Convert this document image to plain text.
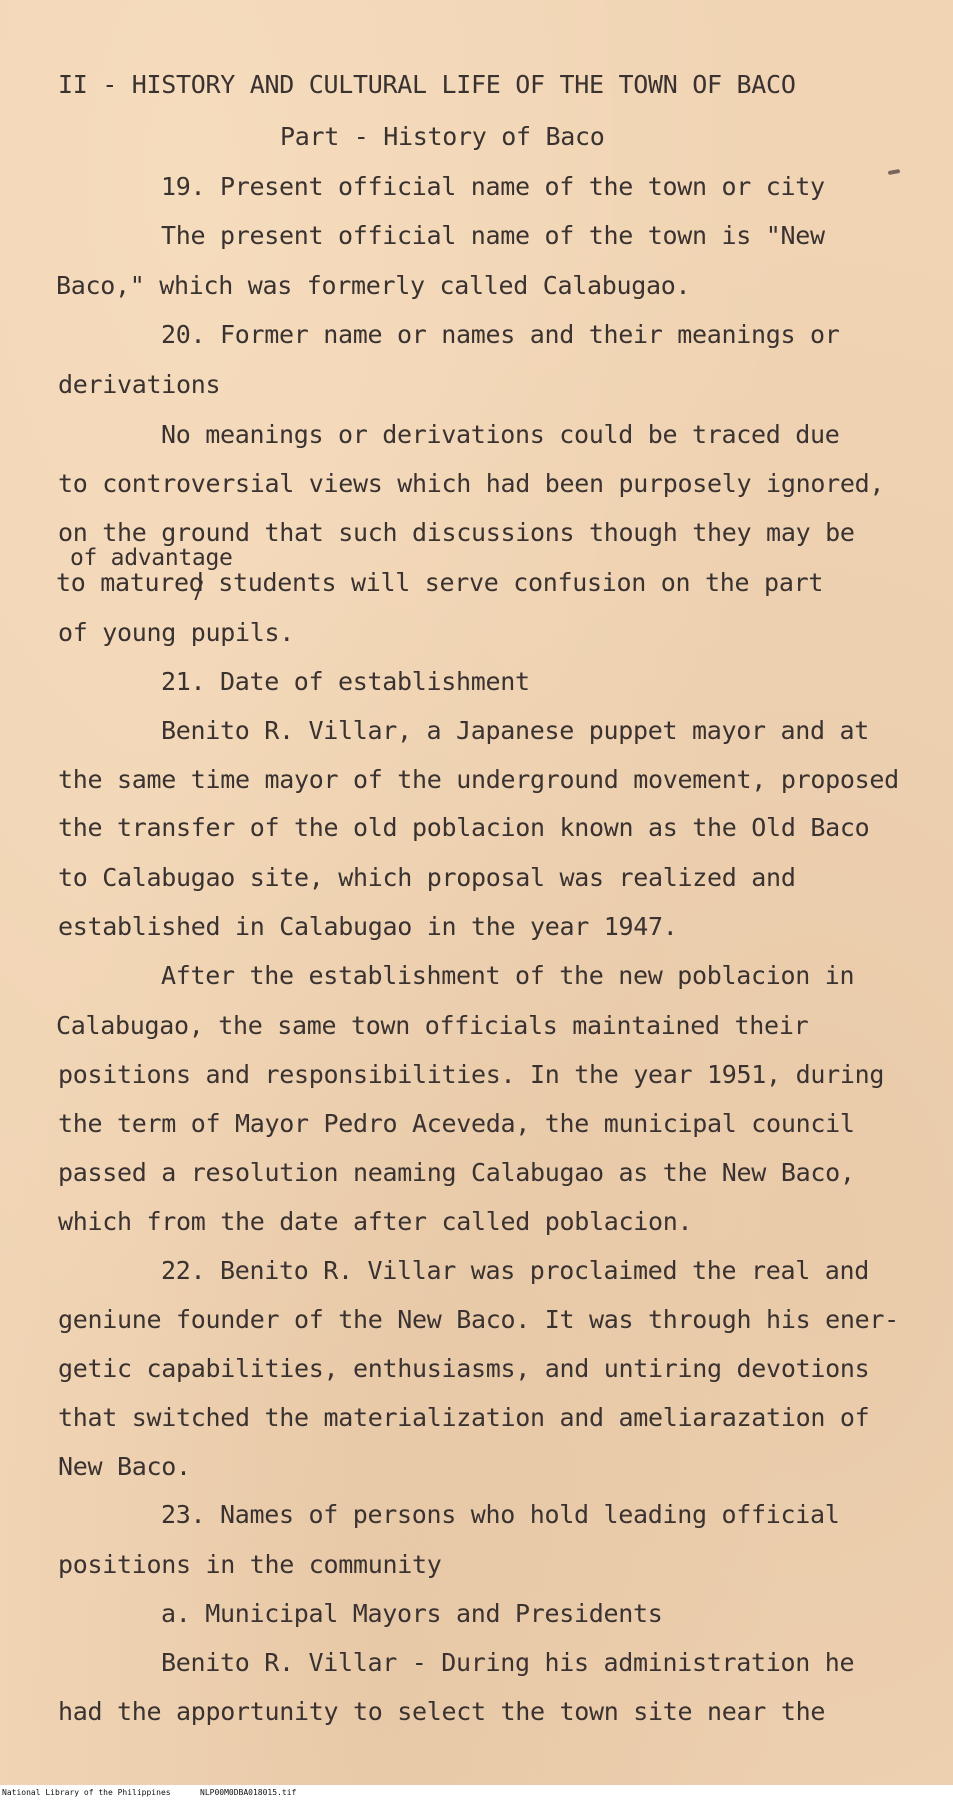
II - HISTORY AND CULTURAL LIFE OF THE TOWN OF BACO
Part - History of Baco
19. Present official name of the town or city
The present official name of the town is "New
Baco," which was formerly called Calabugao.
20. Former name or names and their meanings or
derivations
No meanings or derivations could be traced due
to controversial views which had been purposely ignored,
on the ground that such discussions though they may be
of advantage
to matured students will serve confusion on the part
of young pupils.
21. Date of establishment
Benito R. Villar, a Japanese puppet mayor and at
the same time mayor of the underground movement, proposed
the transfer of the old poblacion known as the Old Baco
to Calabugao site, which proposal was realized and
established in Calabugao in the year 1947.
After the establishment of the new poblacion in
Calabugao, the same town officials maintained their
positions and responsibilities. In the year 1951, during
the term of Mayor Pedro Aceveda, the municipal council
passed a resolution neaming Calabugao as the New Baco,
which from the date after called poblacion.
22. Benito R. Villar was proclaimed the real and
geniune founder of the New Baco. It was through his ener-
getic capabilities, enthusiasms, and untiring devotions
that switched the materialization and ameliarazation of
New Baco.
23. Names of persons who hold leading official
positions in the community
a. Municipal Mayors and Presidents
Benito R. Villar - During his administration he
had the apportunity to select the town site near the
National Library of the Philippines	NLP00M0DBA018015.tif
